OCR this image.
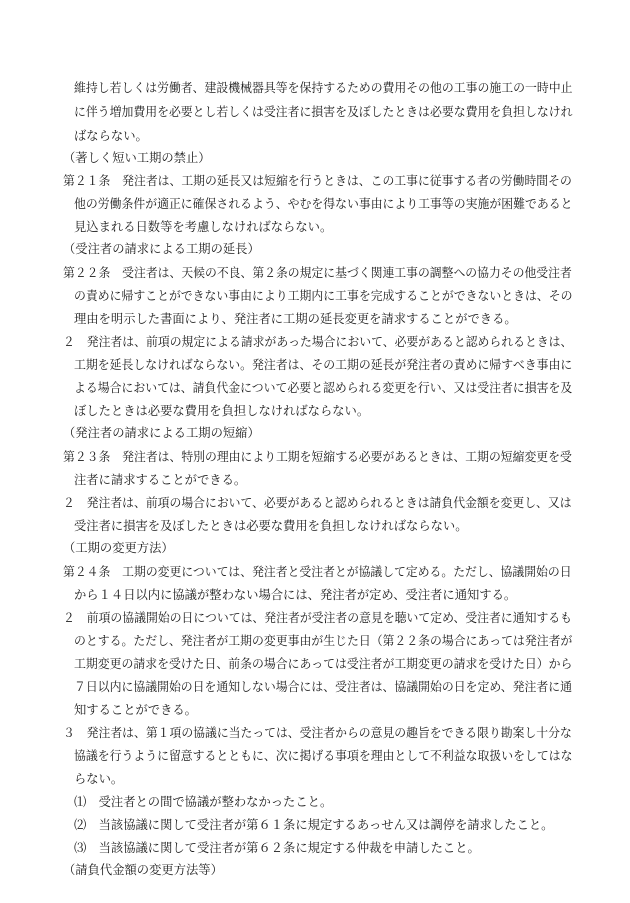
維持し若しくは労働者、建設機械器具等を保持するための費用その他の工事の施工の一時中止
に伴う増加費用を必要とし若しくは受注者に損害を及ぼしたときは必要な費用を負担しなけれ
ばならない。
（著しく短い工期の禁止）
第２１条　発注者は、工期の延長又は短縮を行うときは、この工事に従事する者の労働時間その
他の労働条件が適正に確保されるよう、やむを得ない事由により工事等の実施が困難であると
見込まれる日数等を考慮しなければならない。
（受注者の請求による工期の延長）
第２２条　受注者は、天候の不良、第２条の規定に基づく関連工事の調整への協力その他受注者
の責めに帰すことができない事由により工期内に工事を完成することができないときは、その
理由を明示した書面により、発注者に工期の延長変更を請求することができる。
２　発注者は、前項の規定による請求があった場合において、必要があると認められるときは、
工期を延長しなければならない。発注者は、その工期の延長が発注者の責めに帰すべき事由に
よる場合においては、請負代金について必要と認められる変更を行い、又は受注者に損害を及
ぼしたときは必要な費用を負担しなければならない。
（発注者の請求による工期の短縮）
第２３条　発注者は、特別の理由により工期を短縮する必要があるときは、工期の短縮変更を受
注者に請求することができる。
２　発注者は、前項の場合において、必要があると認められるときは請負代金額を変更し、又は
受注者に損害を及ぼしたときは必要な費用を負担しなければならない。
（工期の変更方法）
第２４条　工期の変更については、発注者と受注者とが協議して定める。ただし、協議開始の日
から１４日以内に協議が整わない場合には、発注者が定め、受注者に通知する。
２　前項の協議開始の日については、発注者が受注者の意見を聴いて定め、受注者に通知するも
のとする。ただし、発注者が工期の変更事由が生じた日（第２２条の場合にあっては発注者が
工期変更の請求を受けた日、前条の場合にあっては受注者が工期変更の請求を受けた日）から
７日以内に協議開始の日を通知しない場合には、受注者は、協議開始の日を定め、発注者に通
知することができる。
３　発注者は、第１項の協議に当たっては、受注者からの意見の趣旨をできる限り勘案し十分な
協議を行うように留意するとともに、次に掲げる事項を理由として不利益な取扱いをしてはな
らない。
⑴　受注者との間で協議が整わなかったこと。
⑵　当該協議に関して受注者が第６１条に規定するあっせん又は調停を請求したこと。
⑶　当該協議に関して受注者が第６２条に規定する仲裁を申請したこと。
（請負代金額の変更方法等）
